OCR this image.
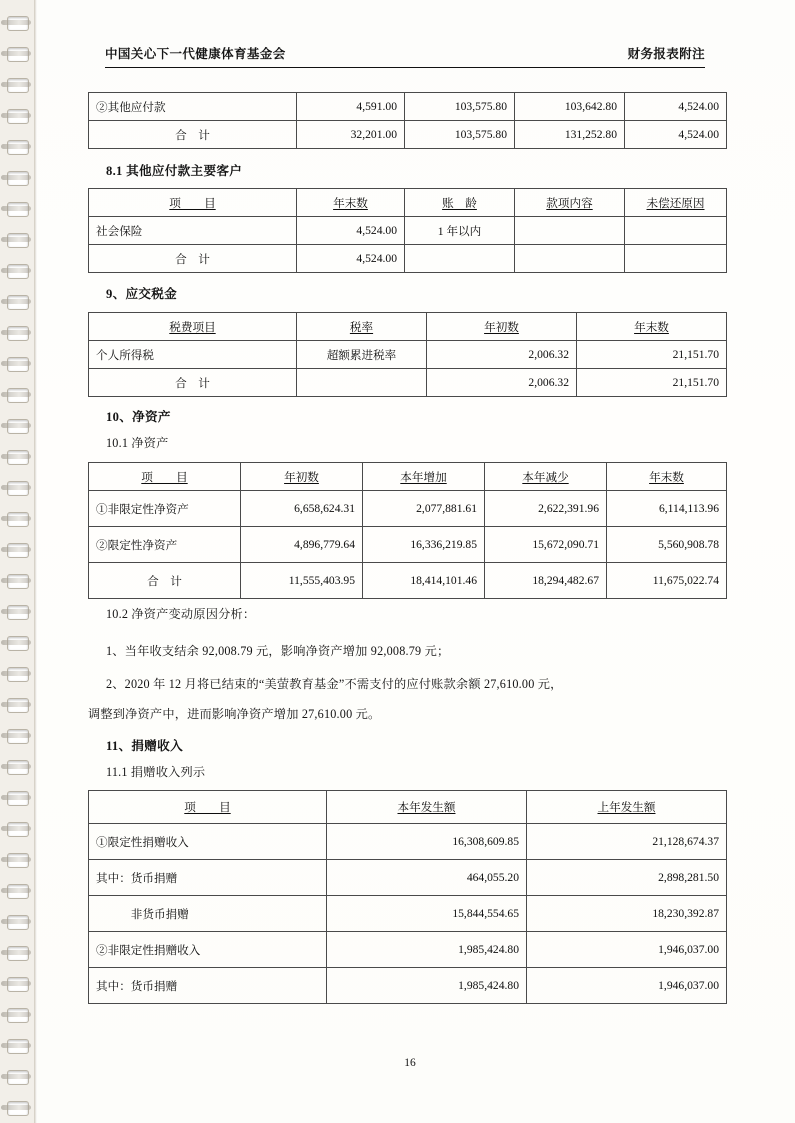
中国关心下一代健康体育基金会	财务报表附注
②其他应付款	4,591.00	103,575.80	103,642.80	4,524.00
合　计	32,201.00	103,575.80	131,252.80	4,524.00
8.1 其他应付款主要客户
项　　目	年末数	账　龄	款项内容	未偿还原因
社会保险	4,524.00	1 年以内		
合　计	4,524.00			
9、应交税金
税费项目	税率	年初数	年末数
个人所得税	超额累进税率	2,006.32	21,151.70
合　计		2,006.32	21,151.70
10、净资产
10.1 净资产
项　　目	年初数	本年增加	本年减少	年末数
①非限定性净资产	6,658,624.31	2,077,881.61	2,622,391.96	6,114,113.96
②限定性净资产	4,896,779.64	16,336,219.85	15,672,090.71	5,560,908.78
合　计	11,555,403.95	18,414,101.46	18,294,482.67	11,675,022.74
10.2 净资产变动原因分析：
1、当年收支结余 92,008.79 元，影响净资产增加 92,008.79 元；
2、2020 年 12 月将已结束的“美萤教育基金”不需支付的应付账款余额 27,610.00 元，
调整到净资产中，进而影响净资产增加 27,610.00 元。
11、捐赠收入
11.1 捐赠收入列示
项　　目	本年发生额	上年发生额
①限定性捐赠收入	16,308,609.85	21,128,674.37
其中：货币捐赠	464,055.20	2,898,281.50
　　　非货币捐赠	15,844,554.65	18,230,392.87
②非限定性捐赠收入	1,985,424.80	1,946,037.00
其中：货币捐赠	1,985,424.80	1,946,037.00
16
